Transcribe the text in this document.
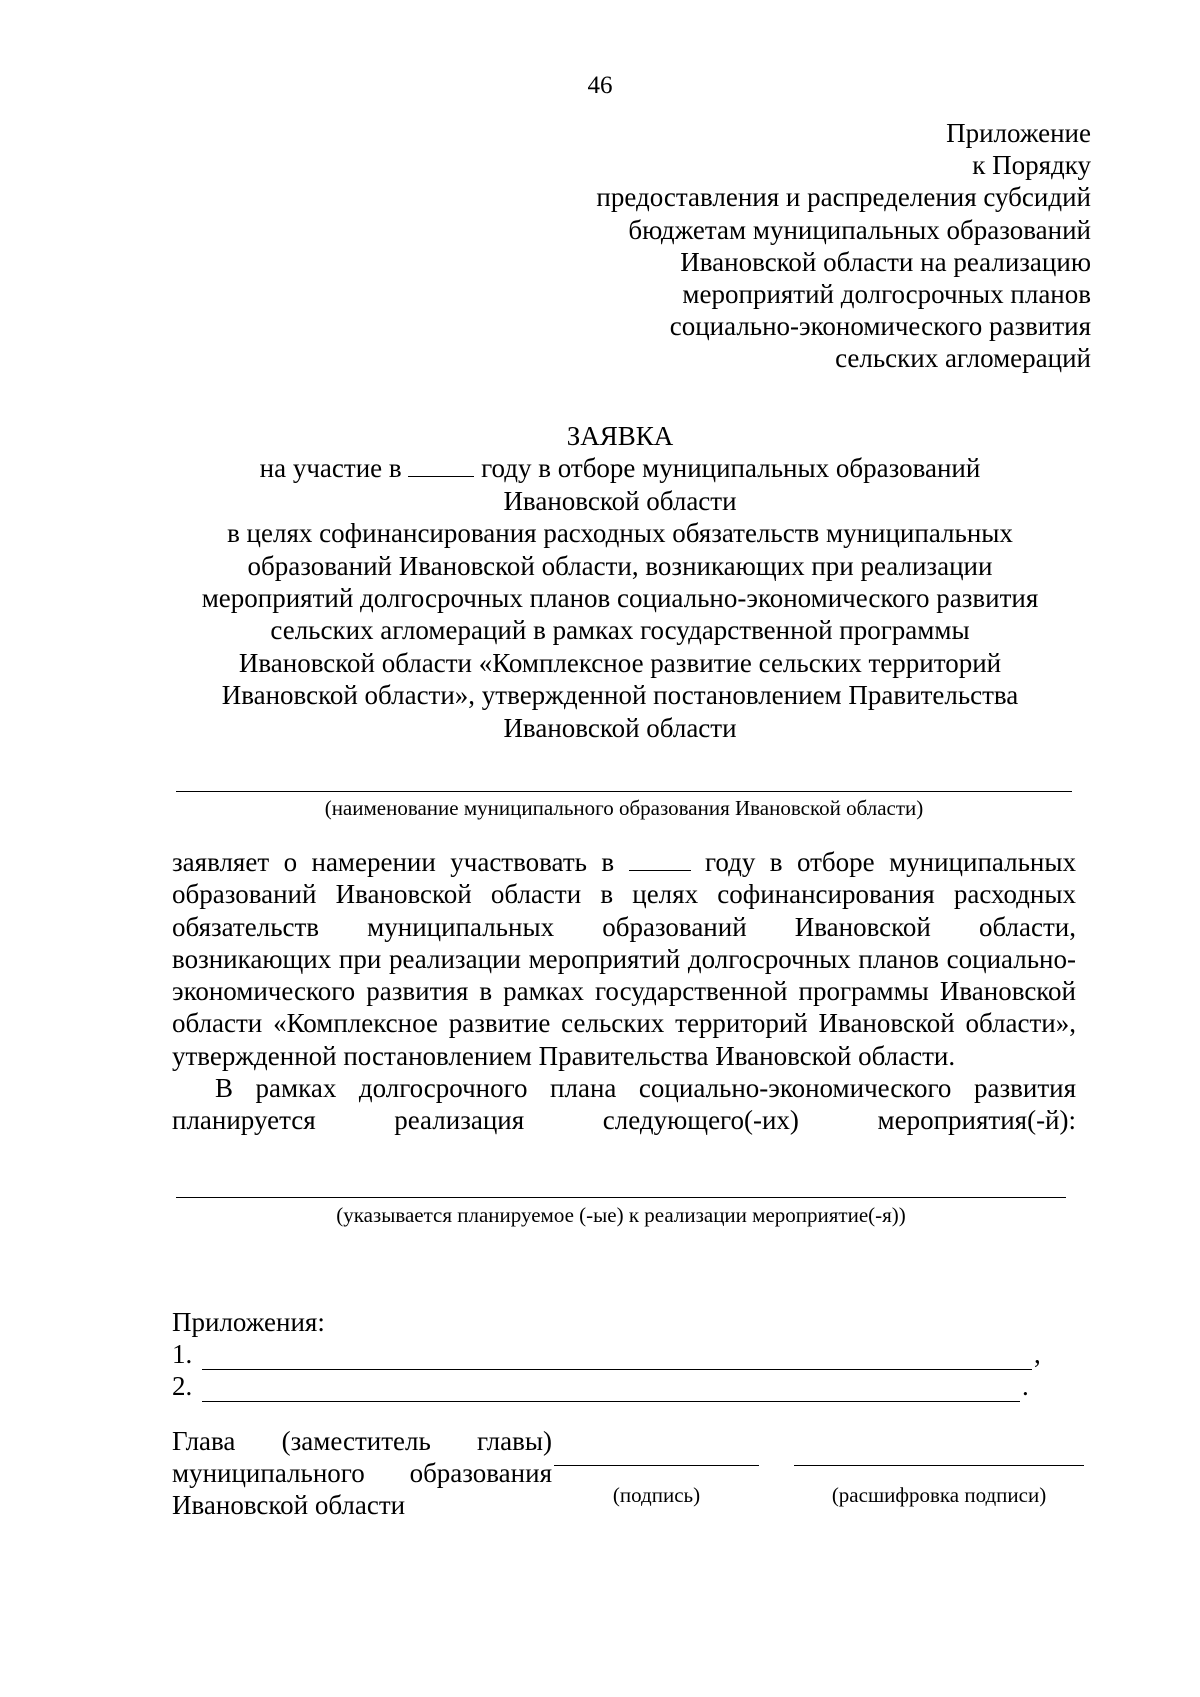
46
Приложение
к Порядку
предоставления и распределения субсидий
бюджетам муниципальных образований
Ивановской области на реализацию
мероприятий долгосрочных планов
социально-экономического развития
сельских агломераций
ЗАЯВКА
на участие в	году в отборе муниципальных образований
Ивановской области
в целях софинансирования расходных обязательств муниципальных
образований Ивановской области, возникающих при реализации
мероприятий долгосрочных планов социально-экономического развития
сельских агломераций в рамках государственной программы
Ивановской области «Комплексное развитие сельских территорий
Ивановской области», утвержденной постановлением Правительства
Ивановской области
(наименование муниципального образования Ивановской области)

заявляет о намерении участвовать в	году в отборе муниципальных образований Ивановской области в целях софинансирования расходных обязательств муниципальных образований Ивановской области, возникающих при реализации мероприятий долгосрочных планов социально-экономического развития в рамках государственной программы Ивановской области «Комплексное развитие сельских территорий Ивановской области», утвержденной постановлением Правительства Ивановской области.

В рамках долгосрочного плана социально-экономического развития планируется реализация следующего(-их) мероприятия(-й):

(указывается планируемое (-ые) к реализации мероприятие(-я))
Приложения:
1.	,
2.	.
Глава (заместитель главы)
муниципального образования
Ивановской области	(подпись)	(расшифровка подписи)
